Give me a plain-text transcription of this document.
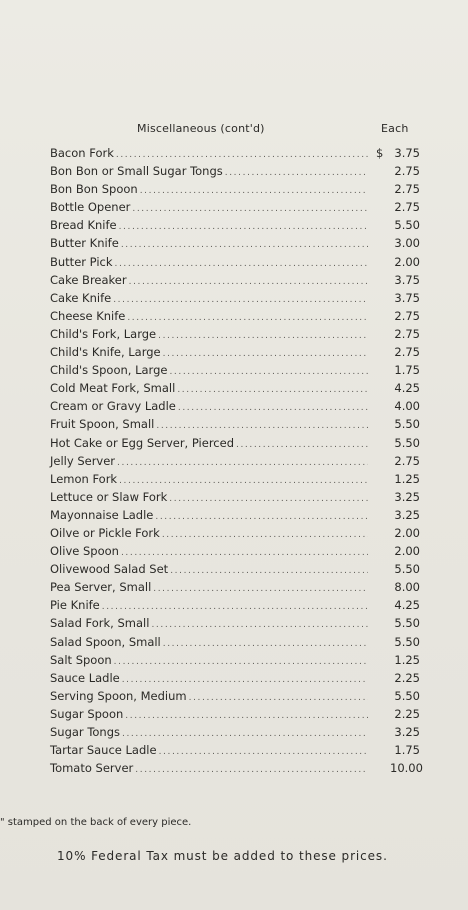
Miscellaneous (cont'd)	Each
Bacon Fork .....	$ 3.75
Bon Bon or Small Sugar Tongs .....	2.75
Bon Bon Spoon .....	2.75
Bottle Opener .....	2.75
Bread Knife .....	5.50
Butter Knife .....	3.00
Butter Pick .....	2.00
Cake Breaker .....	3.75
Cake Knife .....	3.75
Cheese Knife .....	2.75
Child's Fork, Large .....	2.75
Child's Knife, Large .....	2.75
Child's Spoon, Large .....	1.75
Cold Meat Fork, Small .....	4.25
Cream or Gravy Ladle .....	4.00
Fruit Spoon, Small .....	5.50
Hot Cake or Egg Server, Pierced .....	5.50
Jelly Server .....	2.75
Lemon Fork .....	1.25
Lettuce or Slaw Fork .....	3.25
Mayonnaise Ladle .....	3.25
Oilve or Pickle Fork .....	2.00
Olive Spoon .....	2.00
Olivewood Salad Set .....	5.50
Pea Server, Small .....	8.00
Pie Knife .....	4.25
Salad Fork, Small .....	5.50
Salad Spoon, Small .....	5.50
Salt Spoon .....	1.25
Sauce Ladle .....	2.25
Serving Spoon, Medium .....	5.50
Sugar Spoon .....	2.25
Sugar Tongs .....	3.25
Tartar Sauce Ladle .....	1.75
Tomato Server .....	10.00
" stamped on the back of every piece.
10% Federal Tax must be added to these prices.
